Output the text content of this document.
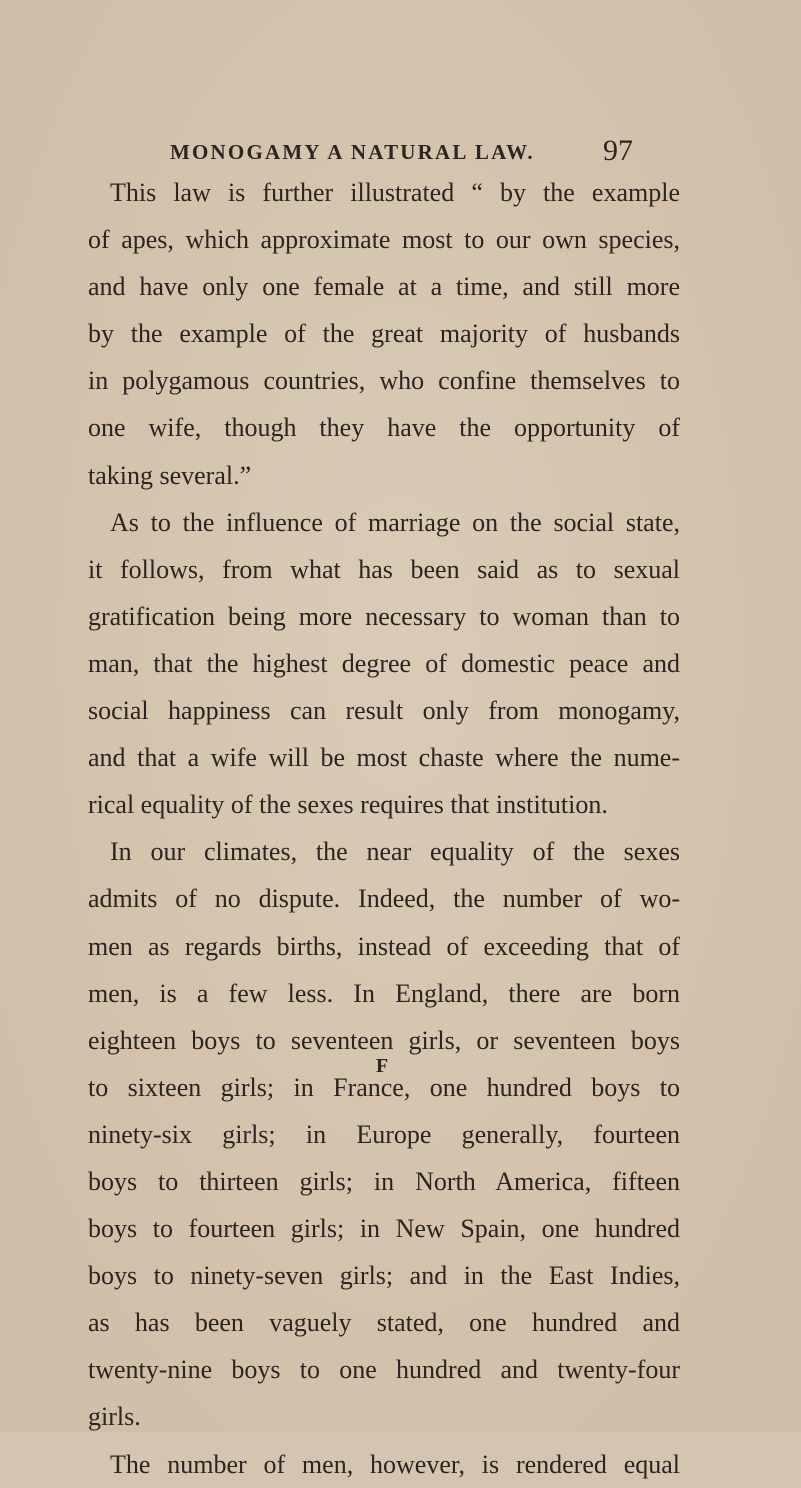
MONOGAMY A NATURAL LAW. 97
This law is further illustrated “ by the example
of apes, which approximate most to our own species,
and have only one female at a time, and still more
by the example of the great majority of husbands
in polygamous countries, who confine themselves to
one wife, though they have the opportunity of
taking several.”
As to the influence of marriage on the social state,
it follows, from what has been said as to sexual
gratification being more necessary to woman than to
man, that the highest degree of domestic peace and
social happiness can result only from monogamy,
and that a wife will be most chaste where the nume-
rical equality of the sexes requires that institution.
In our climates, the near equality of the sexes
admits of no dispute. Indeed, the number of wo-
men as regards births, instead of exceeding that of
men, is a few less. In England, there are born
eighteen boys to seventeen girls, or seventeen boys
to sixteen girls; in France, one hundred boys to
ninety-six girls; in Europe generally, fourteen
boys to thirteen girls; in North America, fifteen
boys to fourteen girls; in New Spain, one hundred
boys to ninety-seven girls; and in the East Indies,
as has been vaguely stated, one hundred and
twenty-nine boys to one hundred and twenty-four
girls.
The number of men, however, is rendered equal
F
